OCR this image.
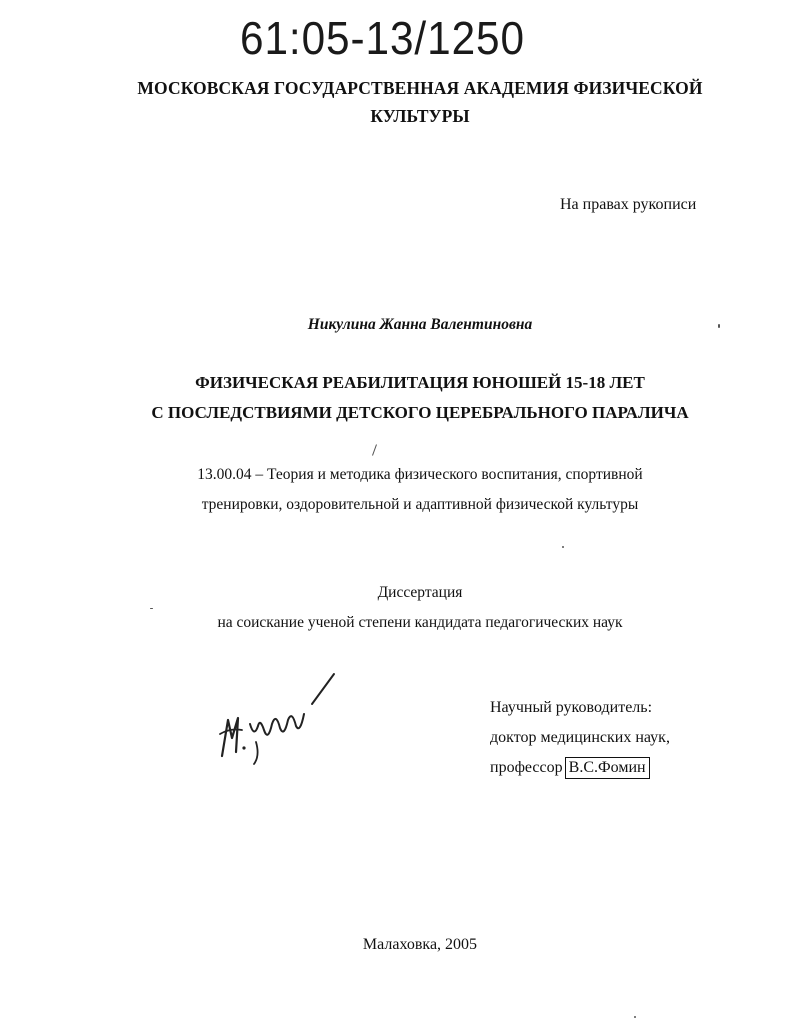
61:05-13/1250
МОСКОВСКАЯ ГОСУДАРСТВЕННАЯ АКАДЕМИЯ ФИЗИЧЕСКОЙ
КУЛЬТУРЫ
На правах рукописи
Никулина Жанна Валентиновна
ФИЗИЧЕСКАЯ РЕАБИЛИТАЦИЯ ЮНОШЕЙ 15-18 ЛЕТ
С ПОСЛЕДСТВИЯМИ ДЕТСКОГО ЦЕРЕБРАЛЬНОГО ПАРАЛИЧА
13.00.04 – Теория и методика физического воспитания, спортивной
тренировки, оздоровительной и адаптивной физической культуры
Диссертация
на соискание ученой степени кандидата педагогических наук
Научный руководитель:
доктор медицинских наук,
профессор В.С.Фомин
Малаховка, 2005
